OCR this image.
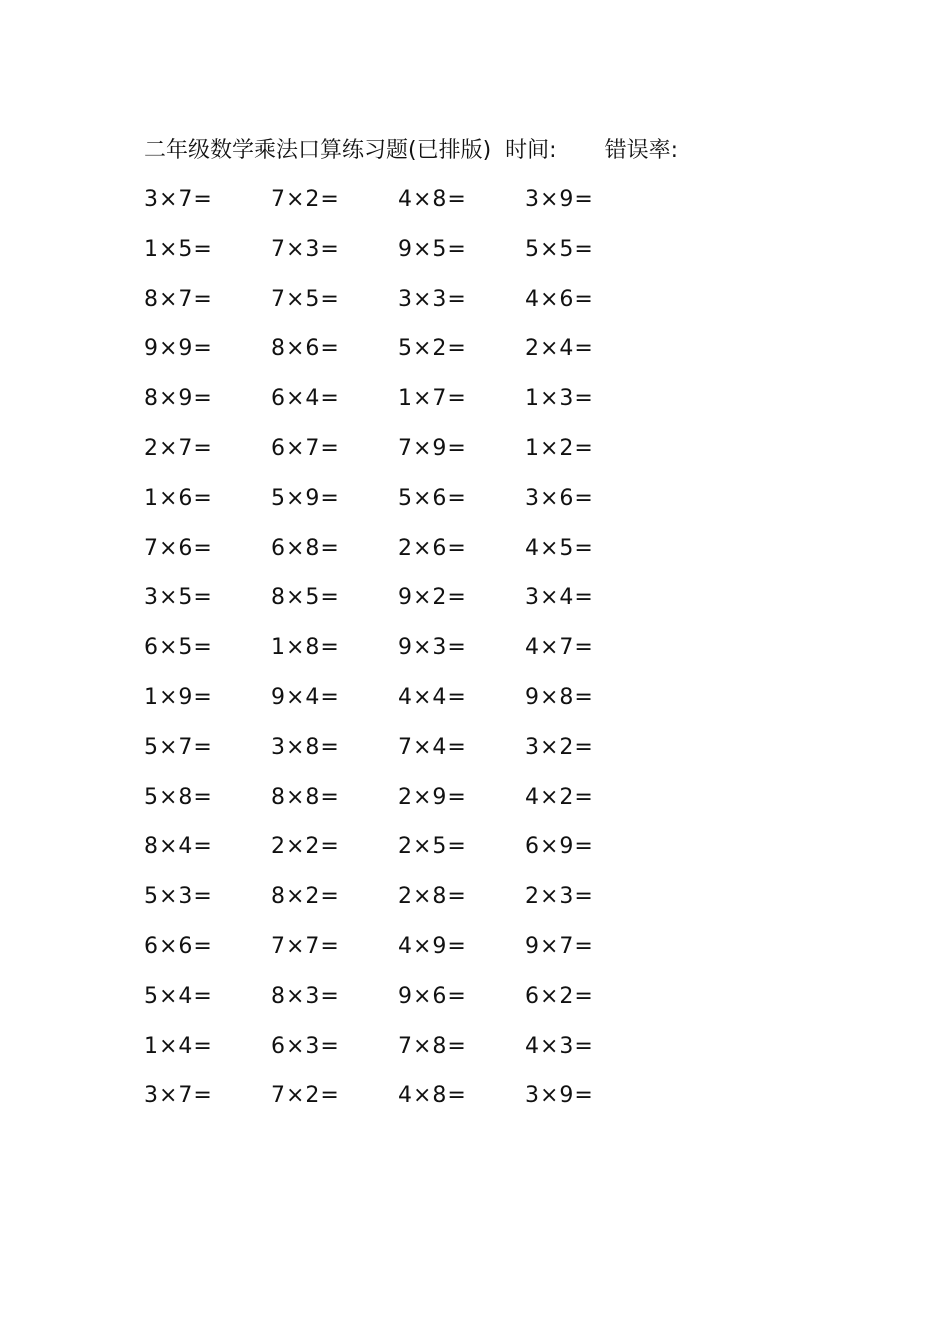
二年级数学乘法口算练习题(已排版) 时间: 错误率:
3×7=	7×2=	4×8=	3×9=
1×5=	7×3=	9×5=	5×5=
8×7=	7×5=	3×3=	4×6=
9×9=	8×6=	5×2=	2×4=
8×9=	6×4=	1×7=	1×3=
2×7=	6×7=	7×9=	1×2=
1×6=	5×9=	5×6=	3×6=
7×6=	6×8=	2×6=	4×5=
3×5=	8×5=	9×2=	3×4=
6×5=	1×8=	9×3=	4×7=
1×9=	9×4=	4×4=	9×8=
5×7=	3×8=	7×4=	3×2=
5×8=	8×8=	2×9=	4×2=
8×4=	2×2=	2×5=	6×9=
5×3=	8×2=	2×8=	2×3=
6×6=	7×7=	4×9=	9×7=
5×4=	8×3=	9×6=	6×2=
1×4=	6×3=	7×8=	4×3=
3×7=	7×2=	4×8=	3×9=
